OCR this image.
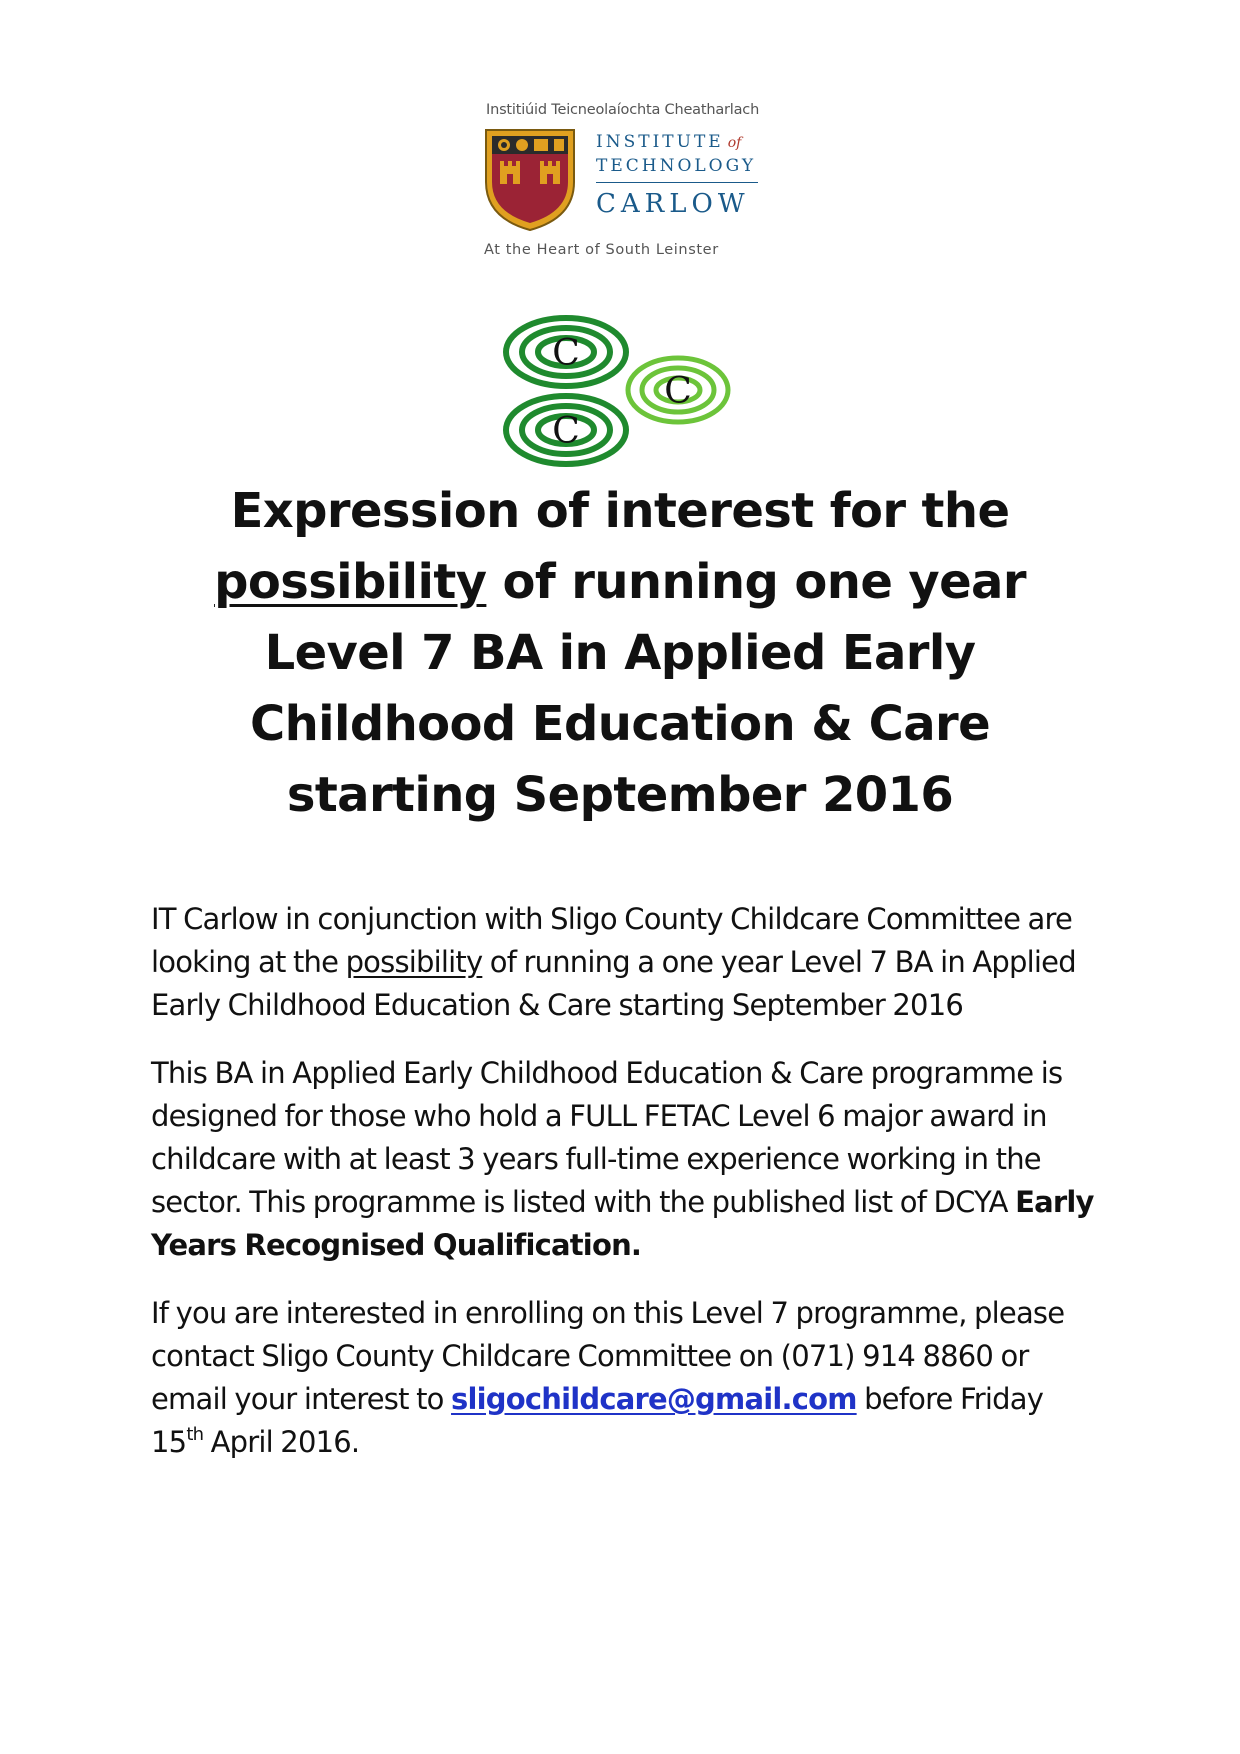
Institiúid Teicneolaíochta Cheatharlach
INSTITUTE of
TECHNOLOGY
CARLOW
At the Heart of South Leinster
C
C
C
Expression of interest for the
possibility of running one year Level 7 BA in Applied Early Childhood Education & Care starting September 2016

IT Carlow in conjunction with Sligo County Childcare Committee are looking at the possibility of running a one year Level 7 BA in Applied Early Childhood Education & Care starting September 2016

This BA in Applied Early Childhood Education & Care programme is designed for those who hold a FULL FETAC Level 6 major award in childcare with at least 3 years full-time experience working in the sector. This programme is listed with the published list of DCYA Early Years Recognised Qualification.

If you are interested in enrolling on this Level 7 programme, please contact Sligo County Childcare Committee on (071) 914 8860 or email your interest to sligochildcare@gmail.com before Friday 15th April 2016.
